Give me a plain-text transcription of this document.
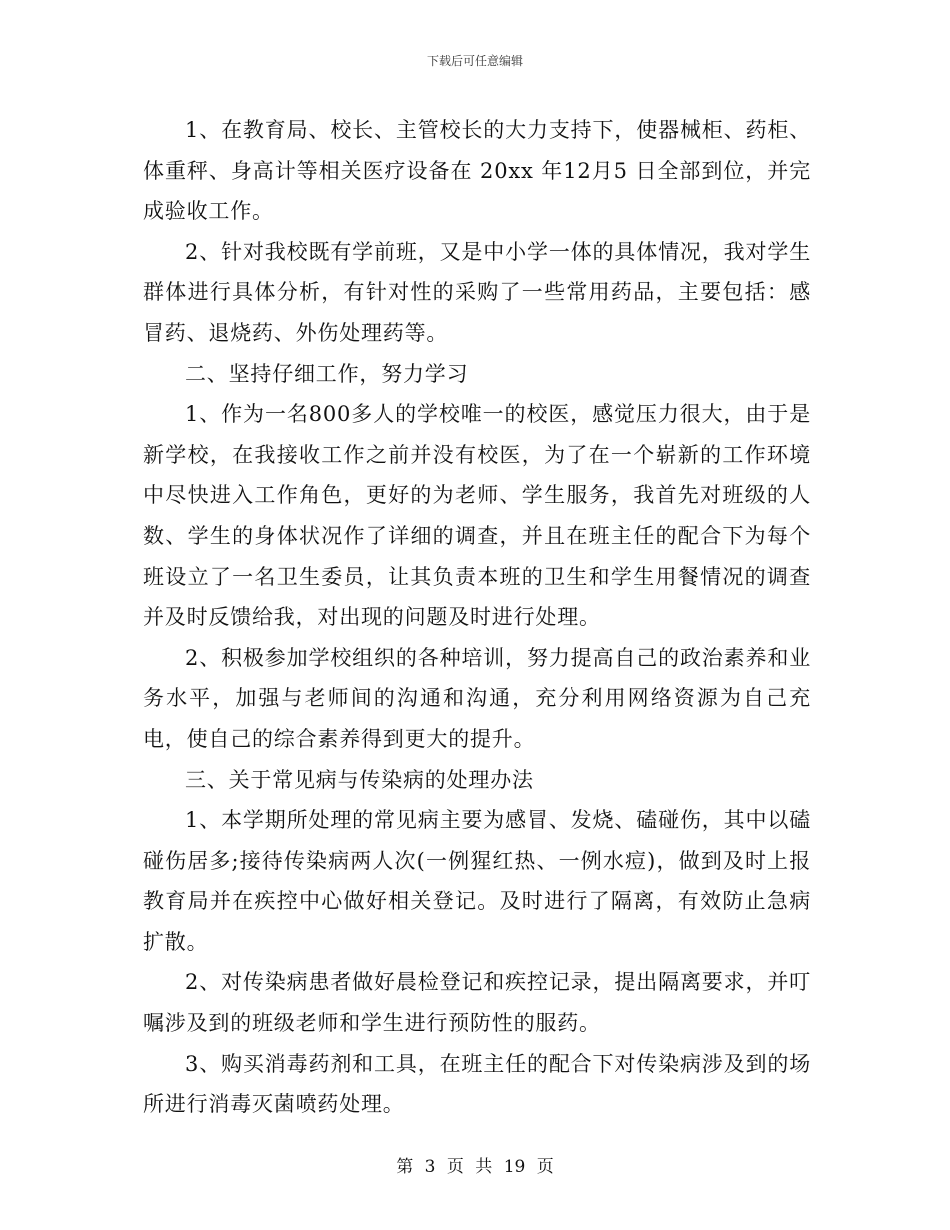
下载后可任意编辑

1、在教育局、校长、主管校长的大力支持下，使器械柜、药柜、体重秤、身高计等相关医疗设备在 20xx 年12月5 日全部到位，并完成验收工作。

2、针对我校既有学前班，又是中小学一体的具体情况，我对学生群体进行具体分析，有针对性的采购了一些常用药品，主要包括：感冒药、退烧药、外伤处理药等。

二、坚持仔细工作，努力学习

1、作为一名800多人的学校唯一的校医，感觉压力很大，由于是新学校，在我接收工作之前并没有校医，为了在一个崭新的工作环境中尽快进入工作角色，更好的为老师、学生服务，我首先对班级的人数、学生的身体状况作了详细的调查，并且在班主任的配合下为每个班设立了一名卫生委员，让其负责本班的卫生和学生用餐情况的调查并及时反馈给我，对出现的问题及时进行处理。

2、积极参加学校组织的各种培训，努力提高自己的政治素养和业务水平，加强与老师间的沟通和沟通，充分利用网络资源为自己充电，使自己的综合素养得到更大的提升。

三、关于常见病与传染病的处理办法

1、本学期所处理的常见病主要为感冒、发烧、磕碰伤，其中以磕碰伤居多;接待传染病两人次(一例猩红热、一例水痘)，做到及时上报教育局并在疾控中心做好相关登记。及时进行了隔离，有效防止急病扩散。

2、对传染病患者做好晨检登记和疾控记录，提出隔离要求，并叮嘱涉及到的班级老师和学生进行预防性的服药。

3、购买消毒药剂和工具，在班主任的配合下对传染病涉及到的场所进行消毒灭菌喷药处理。

第 3 页 共 19 页
